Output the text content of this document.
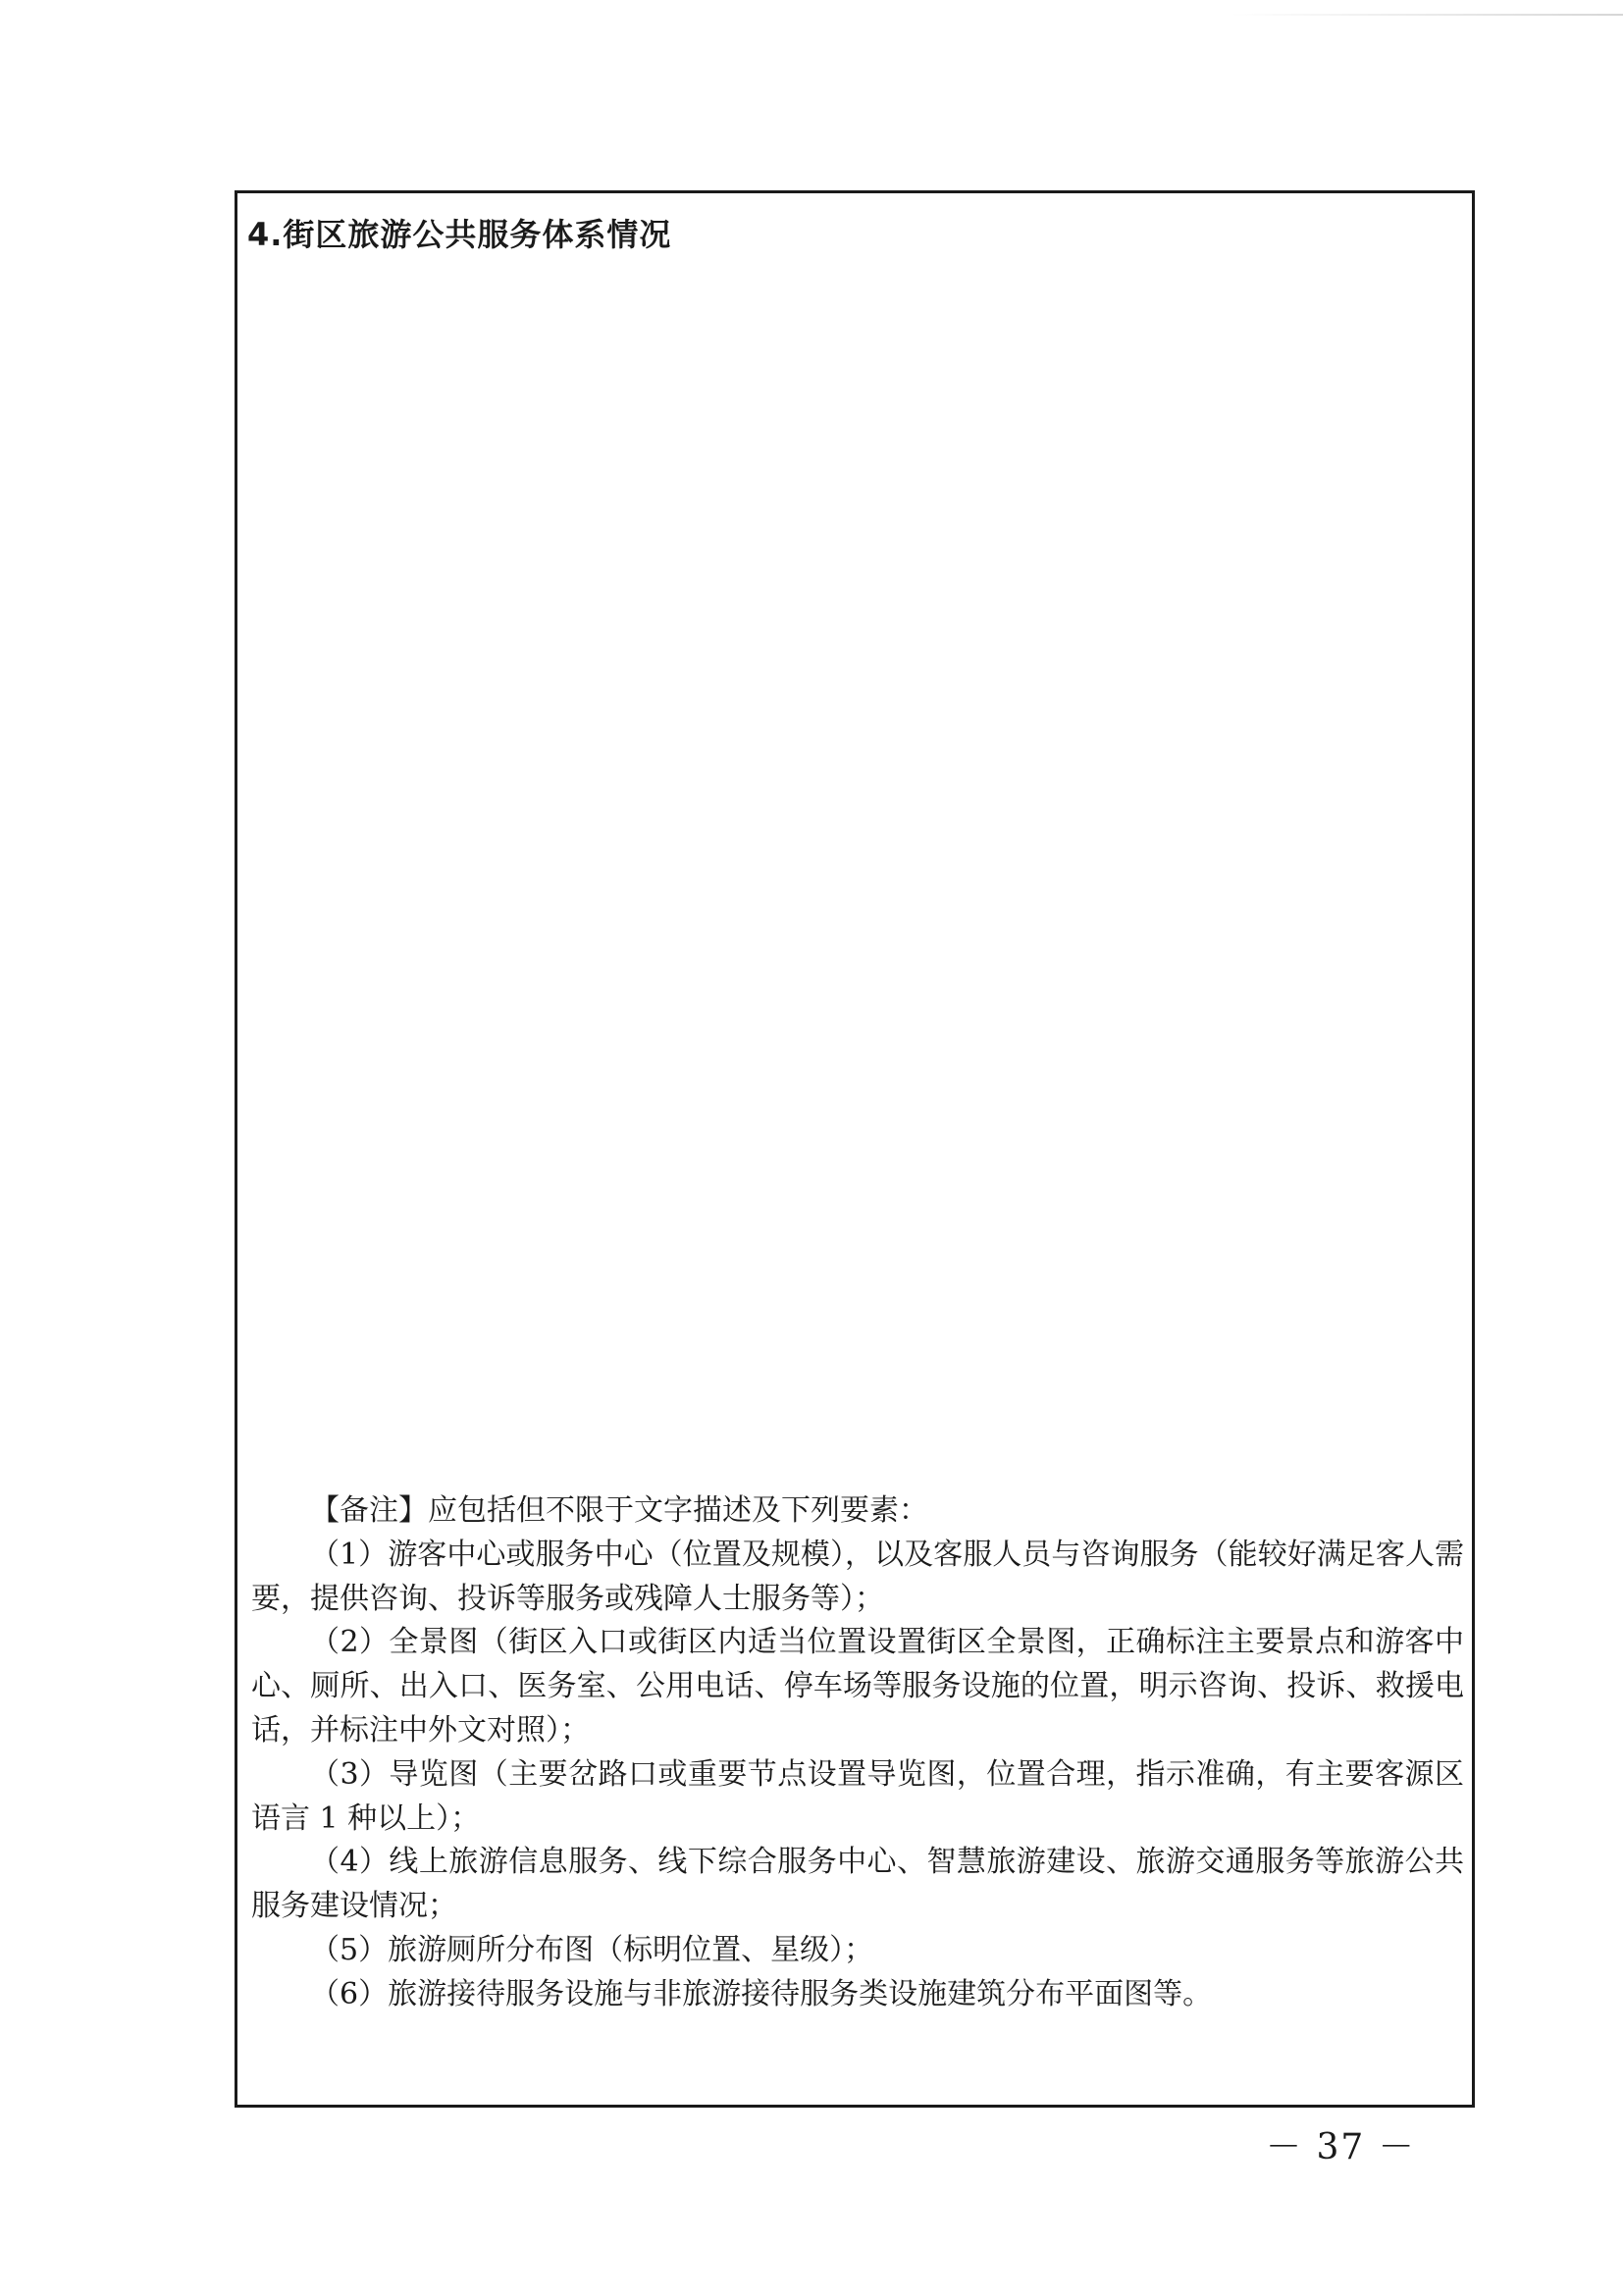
4.街区旅游公共服务体系情况

【备注】应包括但不限于文字描述及下列要素：

（1）游客中心或服务中心（位置及规模），以及客服人员与咨询服务（能较好满足客人需要，提供咨询、投诉等服务或残障人士服务等）；

（2）全景图（街区入口或街区内适当位置设置街区全景图，正确标注主要景点和游客中心、厕所、出入口、医务室、公用电话、停车场等服务设施的位置，明示咨询、投诉、救援电话，并标注中外文对照）；

（3）导览图（主要岔路口或重要节点设置导览图，位置合理，指示准确，有主要客源区语言 1 种以上）；

（4）线上旅游信息服务、线下综合服务中心、智慧旅游建设、旅游交通服务等旅游公共服务建设情况；

（5）旅游厕所分布图（标明位置、星级）；

（6）旅游接待服务设施与非旅游接待服务类设施建筑分布平面图等。

－ 37 －
